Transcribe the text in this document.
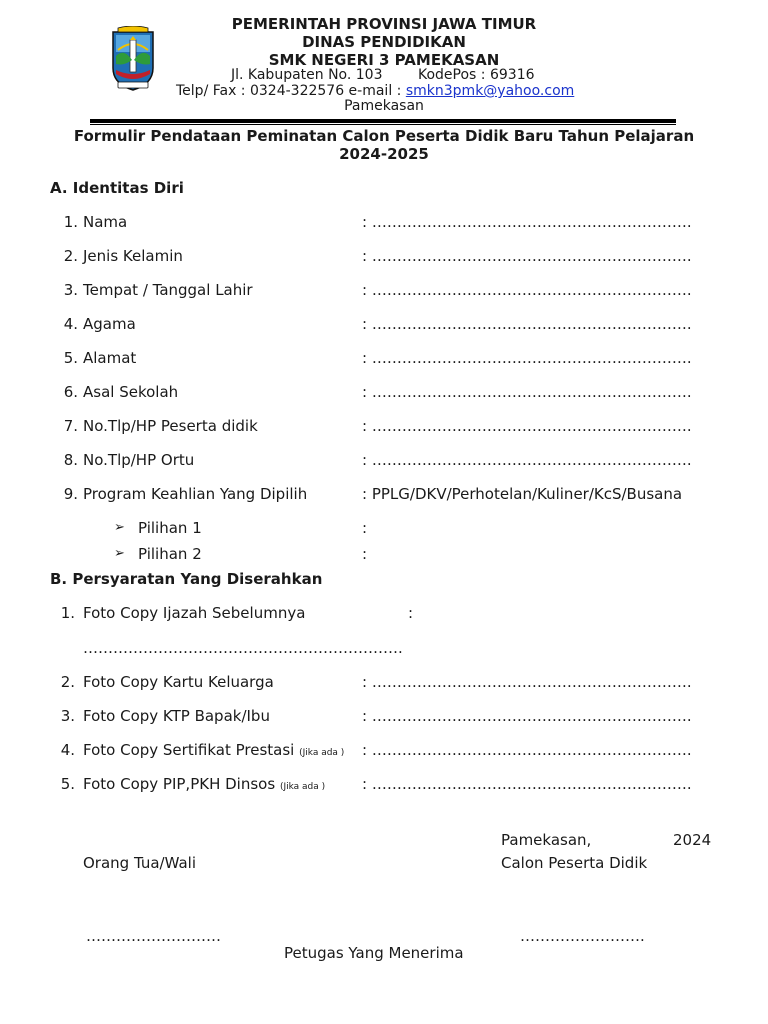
PEMERINTAH PROVINSI JAWA TIMUR
DINAS PENDIDIKAN
SMK NEGERI 3 PAMEKASAN
Jl. Kabupaten No. 103	KodePos : 69316
Telp/ Fax : 0324-322576 e-mail : smkn3pmk@yahoo.com
Pamekasan
Formulir Pendataan Peminatan Calon Peserta Didik Baru Tahun Pelajaran 2024-2025
A. Identitas Diri
1. Nama	: ……………………………………………………….
2. Jenis Kelamin	: ……………………………………………………….
3. Tempat / Tanggal Lahir	: ……………………………………………………….
4. Agama	: ……………………………………………………….
5. Alamat	: ……………………………………………………….
6. Asal Sekolah	: ……………………………………………………….
7. No.Tlp/HP Peserta didik	: ……………………………………………………….
8. No.Tlp/HP Ortu	: ……………………………………………………….
9. Program Keahlian Yang Dipilih	: PPLG/DKV/Perhotelan/Kuliner/KcS/Busana
➢ Pilihan 1	:
➢ Pilihan 2	:
B. Persyaratan Yang Diserahkan
1. Foto Copy Ijazah Sebelumnya	:
……………………………………………………….
2. Foto Copy Kartu Keluarga	: ……………………………………………………….
3. Foto Copy KTP Bapak/Ibu	: ……………………………………………………….
4. Foto Copy Sertifikat Prestasi (Jika ada ) : ……………………………………………………….
5. Foto Copy PIP,PKH Dinsos (Jika ada ) : ……………………………………………………….
Pamekasan,	2024
Orang Tua/Wali	Calon Peserta Didik
………………………	…………………….
Petugas Yang Menerima
